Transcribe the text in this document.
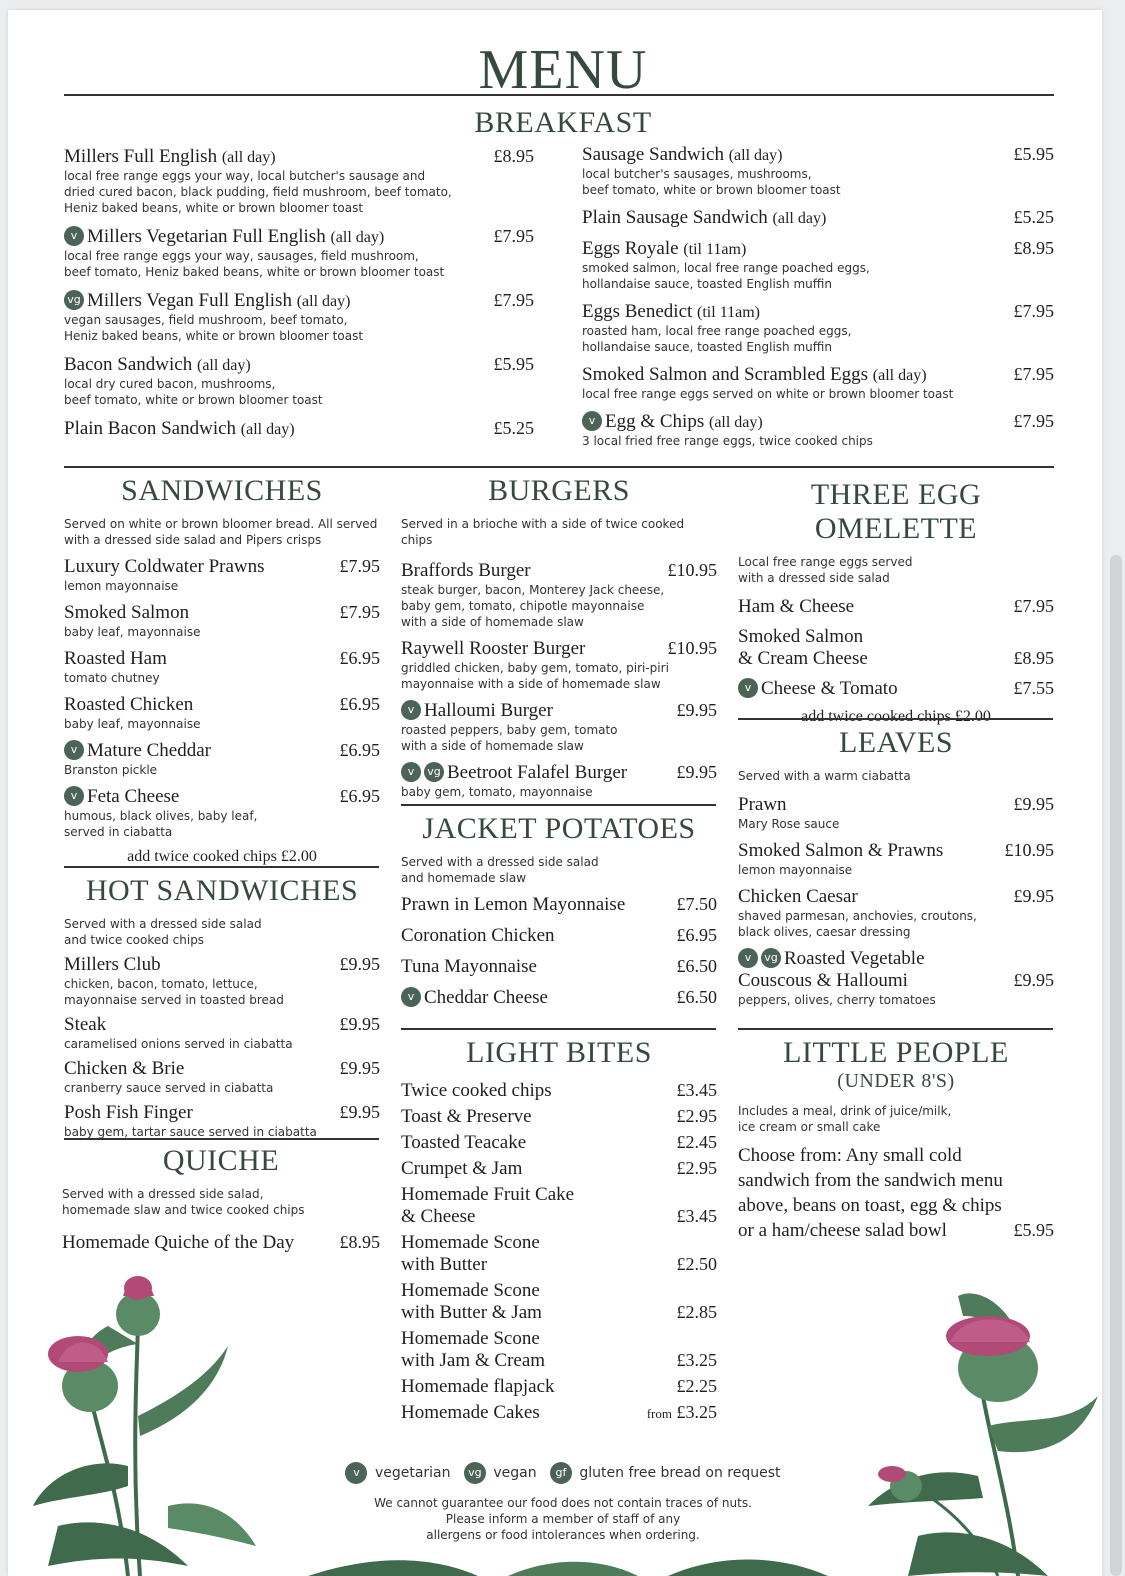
MENU
BREAKFAST
Millers Full English (all day)	£8.95
local free range eggs your way, local butcher's sausage and
dried cured bacon, black pudding, field mushroom, beef tomato,
Heniz baked beans, white or brown bloomer toast
v Millers Vegetarian Full English (all day)	£7.95
local free range eggs your way, sausages, field mushroom,
beef tomato, Heniz baked beans, white or brown bloomer toast
vg Millers Vegan Full English (all day)	£7.95
vegan sausages, field mushroom, beef tomato,
Heniz baked beans, white or brown bloomer toast
Bacon Sandwich (all day)	£5.95
local dry cured bacon, mushrooms,
beef tomato, white or brown bloomer toast
Plain Bacon Sandwich (all day)	£5.25
Sausage Sandwich (all day)	£5.95
local butcher's sausages, mushrooms,
beef tomato, white or brown bloomer toast
Plain Sausage Sandwich (all day)	£5.25
Eggs Royale (til 11am)	£8.95
smoked salmon, local free range poached eggs,
hollandaise sauce, toasted English muffin
Eggs Benedict (til 11am)	£7.95
roasted ham, local free range poached eggs,
hollandaise sauce, toasted English muffin
Smoked Salmon and Scrambled Eggs (all day)	£7.95
local free range eggs served on white or brown bloomer toast
v Egg & Chips (all day)	£7.95
3 local fried free range eggs, twice cooked chips
SANDWICHES
Served on white or brown bloomer bread. All served
with a dressed side salad and Pipers crisps
Luxury Coldwater Prawns	£7.95
lemon mayonnaise
Smoked Salmon	£7.95
baby leaf, mayonnaise
Roasted Ham	£6.95
tomato chutney
Roasted Chicken	£6.95
baby leaf, mayonnaise
v Mature Cheddar	£6.95
Branston pickle
v Feta Cheese	£6.95
humous, black olives, baby leaf,
served in ciabatta
add twice cooked chips £2.00
HOT SANDWICHES
Served with a dressed side salad
and twice cooked chips
Millers Club	£9.95
chicken, bacon, tomato, lettuce,
mayonnaise served in toasted bread
Steak	£9.95
caramelised onions served in ciabatta
Chicken & Brie	£9.95
cranberry sauce served in ciabatta
Posh Fish Finger	£9.95
baby gem, tartar sauce served in ciabatta
QUICHE
Served with a dressed side salad,
homemade slaw and twice cooked chips
Homemade Quiche of the Day	£8.95
BURGERS
Served in a brioche with a side of twice cooked chips
Braffords Burger	£10.95
steak burger, bacon, Monterey Jack cheese,
baby gem, tomato, chipotle mayonnaise
with a side of homemade slaw
Raywell Rooster Burger	£10.95
griddled chicken, baby gem, tomato, piri-piri
mayonnaise with a side of homemade slaw
v Halloumi Burger	£9.95
roasted peppers, baby gem, tomato
with a side of homemade slaw
v vg Beetroot Falafel Burger	£9.95
baby gem, tomato, mayonnaise
JACKET POTATOES
Served with a dressed side salad
and homemade slaw
Prawn in Lemon Mayonnaise	£7.50
Coronation Chicken	£6.95
Tuna Mayonnaise	£6.50
v Cheddar Cheese	£6.50
LIGHT BITES
Twice cooked chips	£3.45
Toast & Preserve	£2.95
Toasted Teacake	£2.45
Crumpet & Jam	£2.95
Homemade Fruit Cake
& Cheese	£3.45
Homemade Scone
with Butter	£2.50
Homemade Scone
with Butter & Jam	£2.85
Homemade Scone
with Jam & Cream	£3.25
Homemade flapjack	£2.25
Homemade Cakes	from £3.25
THREE EGG OMELETTE
Local free range eggs served
with a dressed side salad
Ham & Cheese	£7.95
Smoked Salmon
& Cream Cheese	£8.95
v Cheese & Tomato	£7.55
add twice cooked chips £2.00
LEAVES
Served with a warm ciabatta
Prawn	£9.95
Mary Rose sauce
Smoked Salmon & Prawns	£10.95
lemon mayonnaise
Chicken Caesar	£9.95
shaved parmesan, anchovies, croutons,
black olives, caesar dressing
v vg Roasted Vegetable
Couscous & Halloumi	£9.95
peppers, olives, cherry tomatoes
LITTLE PEOPLE
(UNDER 8'S)
Includes a meal, drink of juice/milk,
ice cream or small cake
Choose from: Any small cold
sandwich from the sandwich menu
above, beans on toast, egg & chips
or a ham/cheese salad bowl	£5.95
v vegetarian vg vegan gf gluten free bread on request
We cannot guarantee our food does not contain traces of nuts.
Please inform a member of staff of any
allergens or food intolerances when ordering.
